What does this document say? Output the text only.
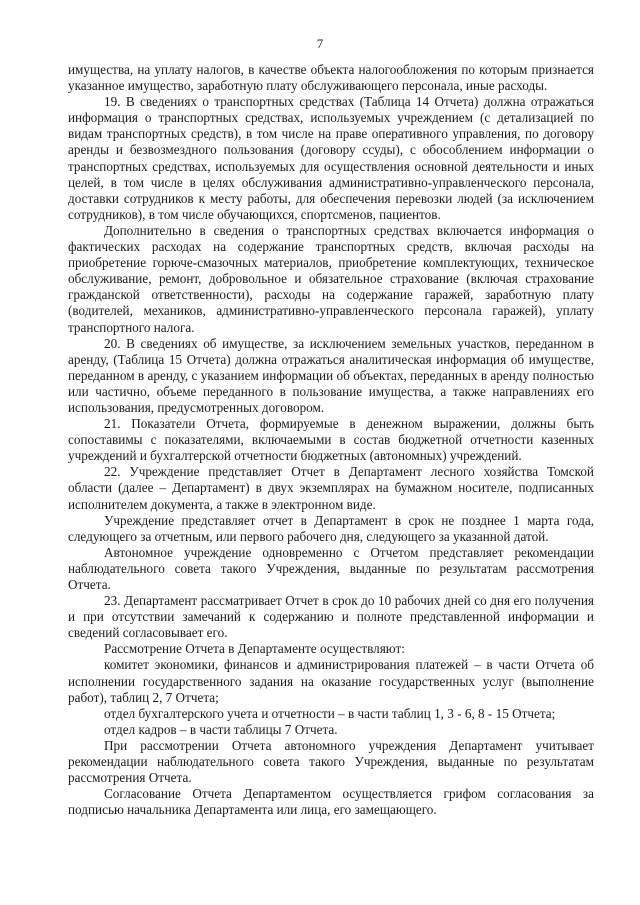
7

имущества, на уплату налогов, в качестве объекта налогообложения по которым признается указанное имущество, заработную плату обслуживающего персонала, иные расходы.

19. В сведениях о транспортных средствах (Таблица 14 Отчета) должна отражаться информация о транспортных средствах, используемых учреждением (с детализацией по видам транспортных средств), в том числе на праве оперативного управления, по договору аренды и безвозмездного пользования (договору ссуды), с обособлением информации о транспортных средствах, используемых для осуществления основной деятельности и иных целей, в том числе в целях обслуживания административно-управленческого персонала, доставки сотрудников к месту работы, для обеспечения перевозки людей (за исключением сотрудников), в том числе обучающихся, спортсменов, пациентов.

Дополнительно в сведения о транспортных средствах включается информация о фактических расходах на содержание транспортных средств, включая расходы на приобретение горюче-смазочных материалов, приобретение комплектующих, техническое обслуживание, ремонт, добровольное и обязательное страхование (включая страхование гражданской ответственности), расходы на содержание гаражей, заработную плату (водителей, механиков, административно-управленческого персонала гаражей), уплату транспортного налога.

20. В сведениях об имуществе, за исключением земельных участков, переданном в аренду, (Таблица 15 Отчета) должна отражаться аналитическая информация об имуществе, переданном в аренду, с указанием информации об объектах, переданных в аренду полностью или частично, объеме переданного в пользование имущества, а также направлениях его использования, предусмотренных договором.

21. Показатели Отчета, формируемые в денежном выражении, должны быть сопоставимы с показателями, включаемыми в состав бюджетной отчетности казенных учреждений и бухгалтерской отчетности бюджетных (автономных) учреждений.

22. Учреждение представляет Отчет в Департамент лесного хозяйства Томской области (далее – Департамент) в двух экземплярах на бумажном носителе, подписанных исполнителем документа, а также в электронном виде.

Учреждение представляет отчет в Департамент в срок не позднее 1 марта года, следующего за отчетным, или первого рабочего дня, следующего за указанной датой.

Автономное учреждение одновременно с Отчетом представляет рекомендации наблюдательного совета такого Учреждения, выданные по результатам рассмотрения Отчета.

23. Департамент рассматривает Отчет в срок до 10 рабочих дней со дня его получения и при отсутствии замечаний к содержанию и полноте представленной информации и сведений согласовывает его.

Рассмотрение Отчета в Департаменте осуществляют:

комитет экономики, финансов и администрирования платежей – в части Отчета об исполнении государственного задания на оказание государственных услуг (выполнение работ), таблиц 2, 7 Отчета;

отдел бухгалтерского учета и отчетности – в части таблиц 1, 3 - 6, 8 - 15 Отчета;

отдел кадров – в части таблицы 7 Отчета.

При рассмотрении Отчета автономного учреждения Департамент учитывает рекомендации наблюдательного совета такого Учреждения, выданные по результатам рассмотрения Отчета.

Согласование Отчета Департаментом осуществляется грифом согласования за подписью начальника Департамента или лица, его замещающего.
